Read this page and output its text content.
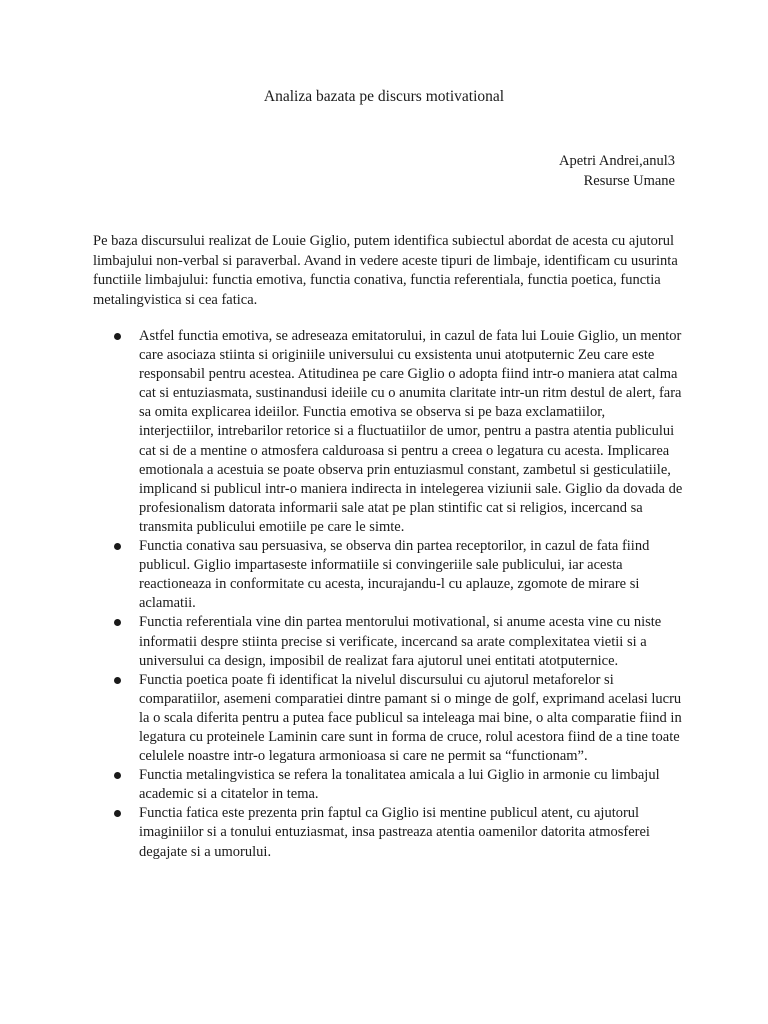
Analiza bazata pe discurs motivational
Apetri Andrei,anul3
Resurse Umane

Pe baza discursului realizat de Louie Giglio, putem identifica subiectul abordat de acesta cu ajutorul limbajului non-verbal si paraverbal. Avand in vedere aceste tipuri de limbaje, identificam cu usurinta functiile limbajului: functia emotiva, functia conativa, functia referentiala, functia poetica, functia metalingvistica si cea fatica.

Astfel functia emotiva, se adreseaza emitatorului, in cazul de fata lui Louie Giglio, un mentor care asociaza stiinta si originiile universului cu exsistenta unui atotputernic Zeu care este responsabil pentru acestea. Atitudinea pe care Giglio o adopta fiind intr-o maniera atat calma cat si entuziasmata, sustinandusi ideiile cu o anumita claritate intr-un ritm destul de alert, fara sa omita explicarea ideiilor. Functia emotiva se observa si pe baza exclamatiilor, interjectiilor, intrebarilor retorice si a fluctuatiilor de umor, pentru a pastra atentia publicului cat si de a mentine o atmosfera calduroasa si pentru a creea o legatura cu acesta. Implicarea emotionala a acestuia se poate observa prin entuziasmul constant, zambetul si gesticulatiile, implicand si publicul intr-o maniera indirecta in intelegerea viziunii sale. Giglio da dovada de profesionalism datorata informarii sale atat pe plan stintific cat si religios, incercand sa transmita publicului emotiile pe care le simte.
Functia conativa sau persuasiva, se observa din partea receptorilor, in cazul de fata fiind publicul. Giglio impartaseste informatiile si convingeriile sale publicului, iar acesta reactioneaza in conformitate cu acesta, incurajandu-l cu aplauze, zgomote de mirare si aclamatii.
Functia referentiala vine din partea mentorului motivational, si anume acesta vine cu niste informatii despre stiinta precise si verificate, incercand sa arate complexitatea vietii si a universului ca design, imposibil de realizat fara ajutorul unei entitati atotputernice.
Functia poetica poate fi identificat la nivelul discursului cu ajutorul metaforelor si comparatiilor, asemeni comparatiei dintre pamant si o minge de golf, exprimand acelasi lucru la o scala diferita pentru a putea face publicul sa inteleaga mai bine, o alta comparatie fiind in legatura cu proteinele Laminin care sunt in forma de cruce, rolul acestora fiind de a tine toate celulele noastre intr-o legatura armonioasa si care ne permit sa “functionam”.
Functia metalingvistica se refera la tonalitatea amicala a lui Giglio in armonie cu limbajul academic si a citatelor in tema.
Functia fatica este prezenta prin faptul ca Giglio isi mentine publicul atent, cu ajutorul imaginiilor si a tonului entuziasmat, insa pastreaza atentia oamenilor datorita atmosferei degajate si a umorului.
